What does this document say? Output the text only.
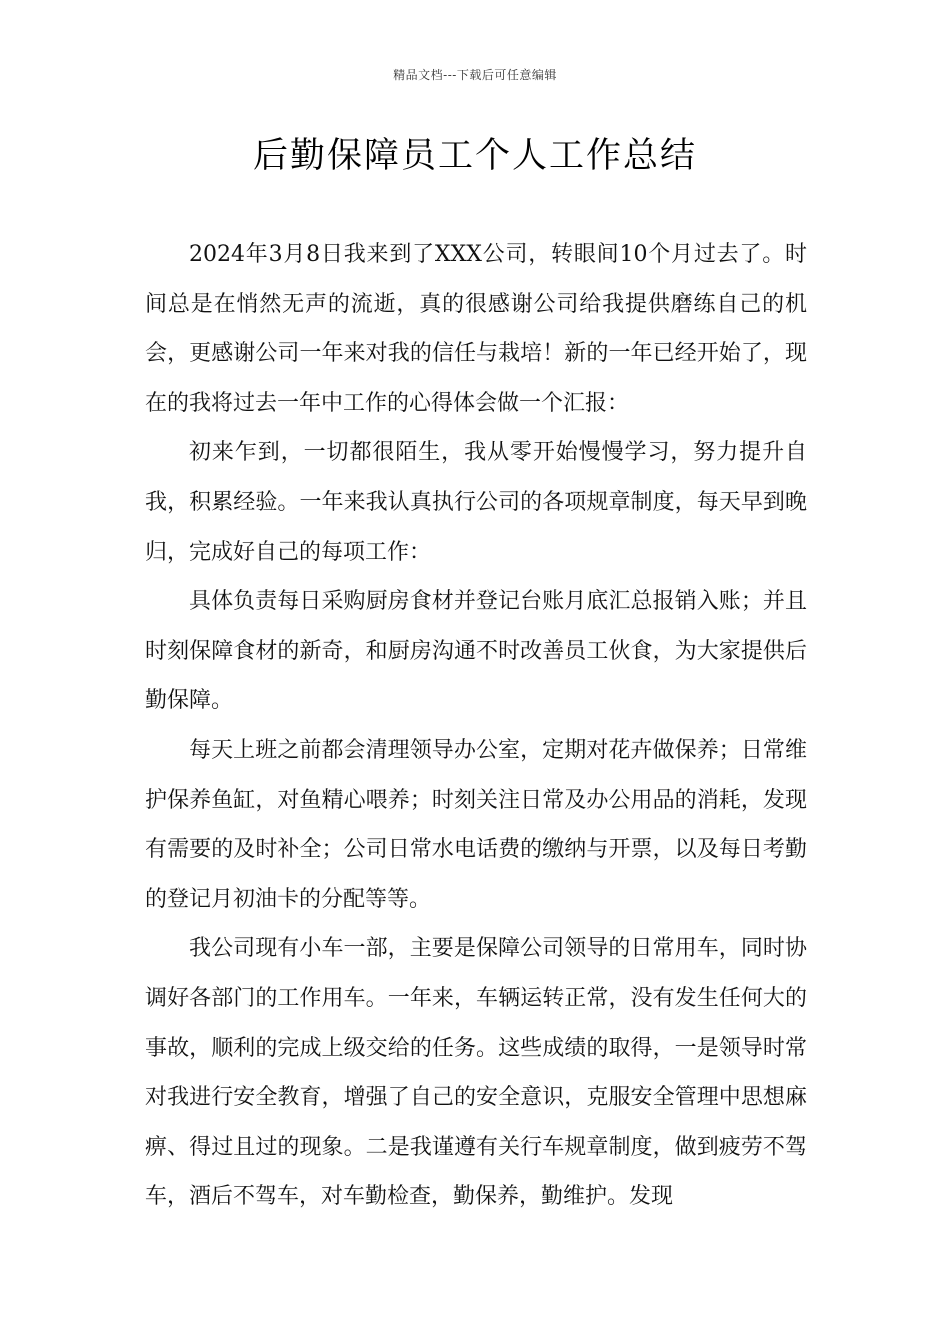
精品文档---下载后可任意编辑
后勤保障员工个人工作总结

2024年3月8日我来到了XXX公司，转眼间10个月过去了。时间总是在悄然无声的流逝，真的很感谢公司给我提供磨练自己的机会，更感谢公司一年来对我的信任与栽培！新的一年已经开始了，现在的我将过去一年中工作的心得体会做一个汇报：

初来乍到，一切都很陌生，我从零开始慢慢学习，努力提升自我，积累经验。一年来我认真执行公司的各项规章制度，每天早到晚归，完成好自己的每项工作：

具体负责每日采购厨房食材并登记台账月底汇总报销入账；并且时刻保障食材的新奇，和厨房沟通不时改善员工伙食，为大家提供后勤保障。

每天上班之前都会清理领导办公室，定期对花卉做保养；日常维护保养鱼缸，对鱼精心喂养；时刻关注日常及办公用品的消耗，发现有需要的及时补全；公司日常水电话费的缴纳与开票，以及每日考勤的登记月初油卡的分配等等。

我公司现有小车一部，主要是保障公司领导的日常用车，同时协调好各部门的工作用车。一年来，车辆运转正常，没有发生任何大的事故，顺利的完成上级交给的任务。这些成绩的取得，一是领导时常对我进行安全教育，增强了自己的安全意识，克服安全管理中思想麻痹、得过且过的现象。二是我谨遵有关行车规章制度，做到疲劳不驾车，酒后不驾车，对车勤检查，勤保养，勤维护。发现
